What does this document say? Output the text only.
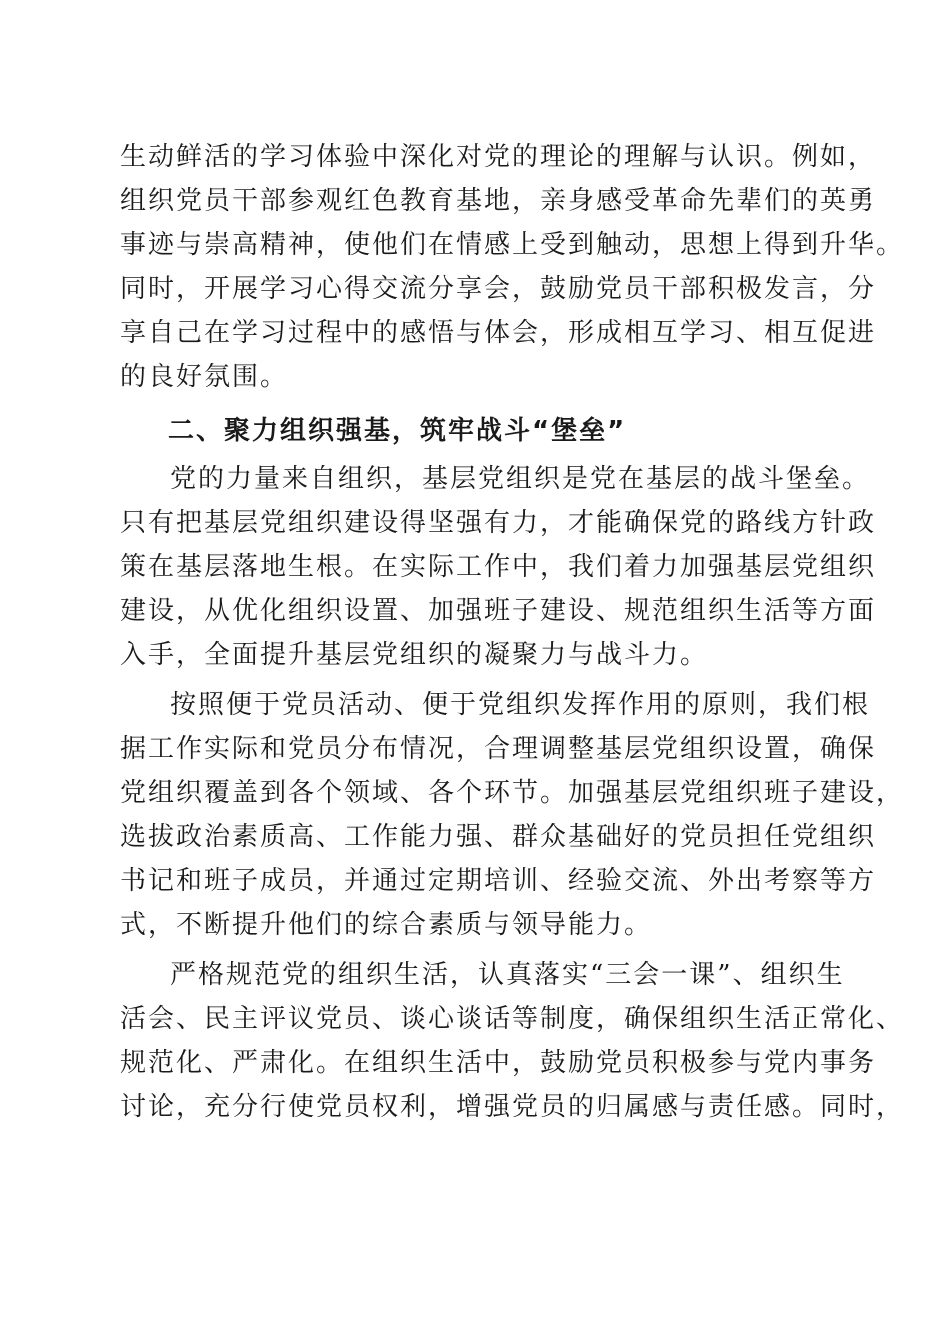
生动鲜活的学习体验中深化对党的理论的理解与认识。例如，
组织党员干部参观红色教育基地，亲身感受革命先辈们的英勇
事迹与崇高精神，使他们在情感上受到触动，思想上得到升华。
同时，开展学习心得交流分享会，鼓励党员干部积极发言，分
享自己在学习过程中的感悟与体会，形成相互学习、相互促进
的良好氛围。
二、聚力组织强基，筑牢战斗“堡垒”
党的力量来自组织，基层党组织是党在基层的战斗堡垒。
只有把基层党组织建设得坚强有力，才能确保党的路线方针政
策在基层落地生根。在实际工作中，我们着力加强基层党组织
建设，从优化组织设置、加强班子建设、规范组织生活等方面
入手，全面提升基层党组织的凝聚力与战斗力。
按照便于党员活动、便于党组织发挥作用的原则，我们根
据工作实际和党员分布情况，合理调整基层党组织设置，确保
党组织覆盖到各个领域、各个环节。加强基层党组织班子建设，
选拔政治素质高、工作能力强、群众基础好的党员担任党组织
书记和班子成员，并通过定期培训、经验交流、外出考察等方
式，不断提升他们的综合素质与领导能力。
严格规范党的组织生活，认真落实“三会一课”、组织生
活会、民主评议党员、谈心谈话等制度，确保组织生活正常化、
规范化、严肃化。在组织生活中，鼓励党员积极参与党内事务
讨论，充分行使党员权利，增强党员的归属感与责任感。同时，
